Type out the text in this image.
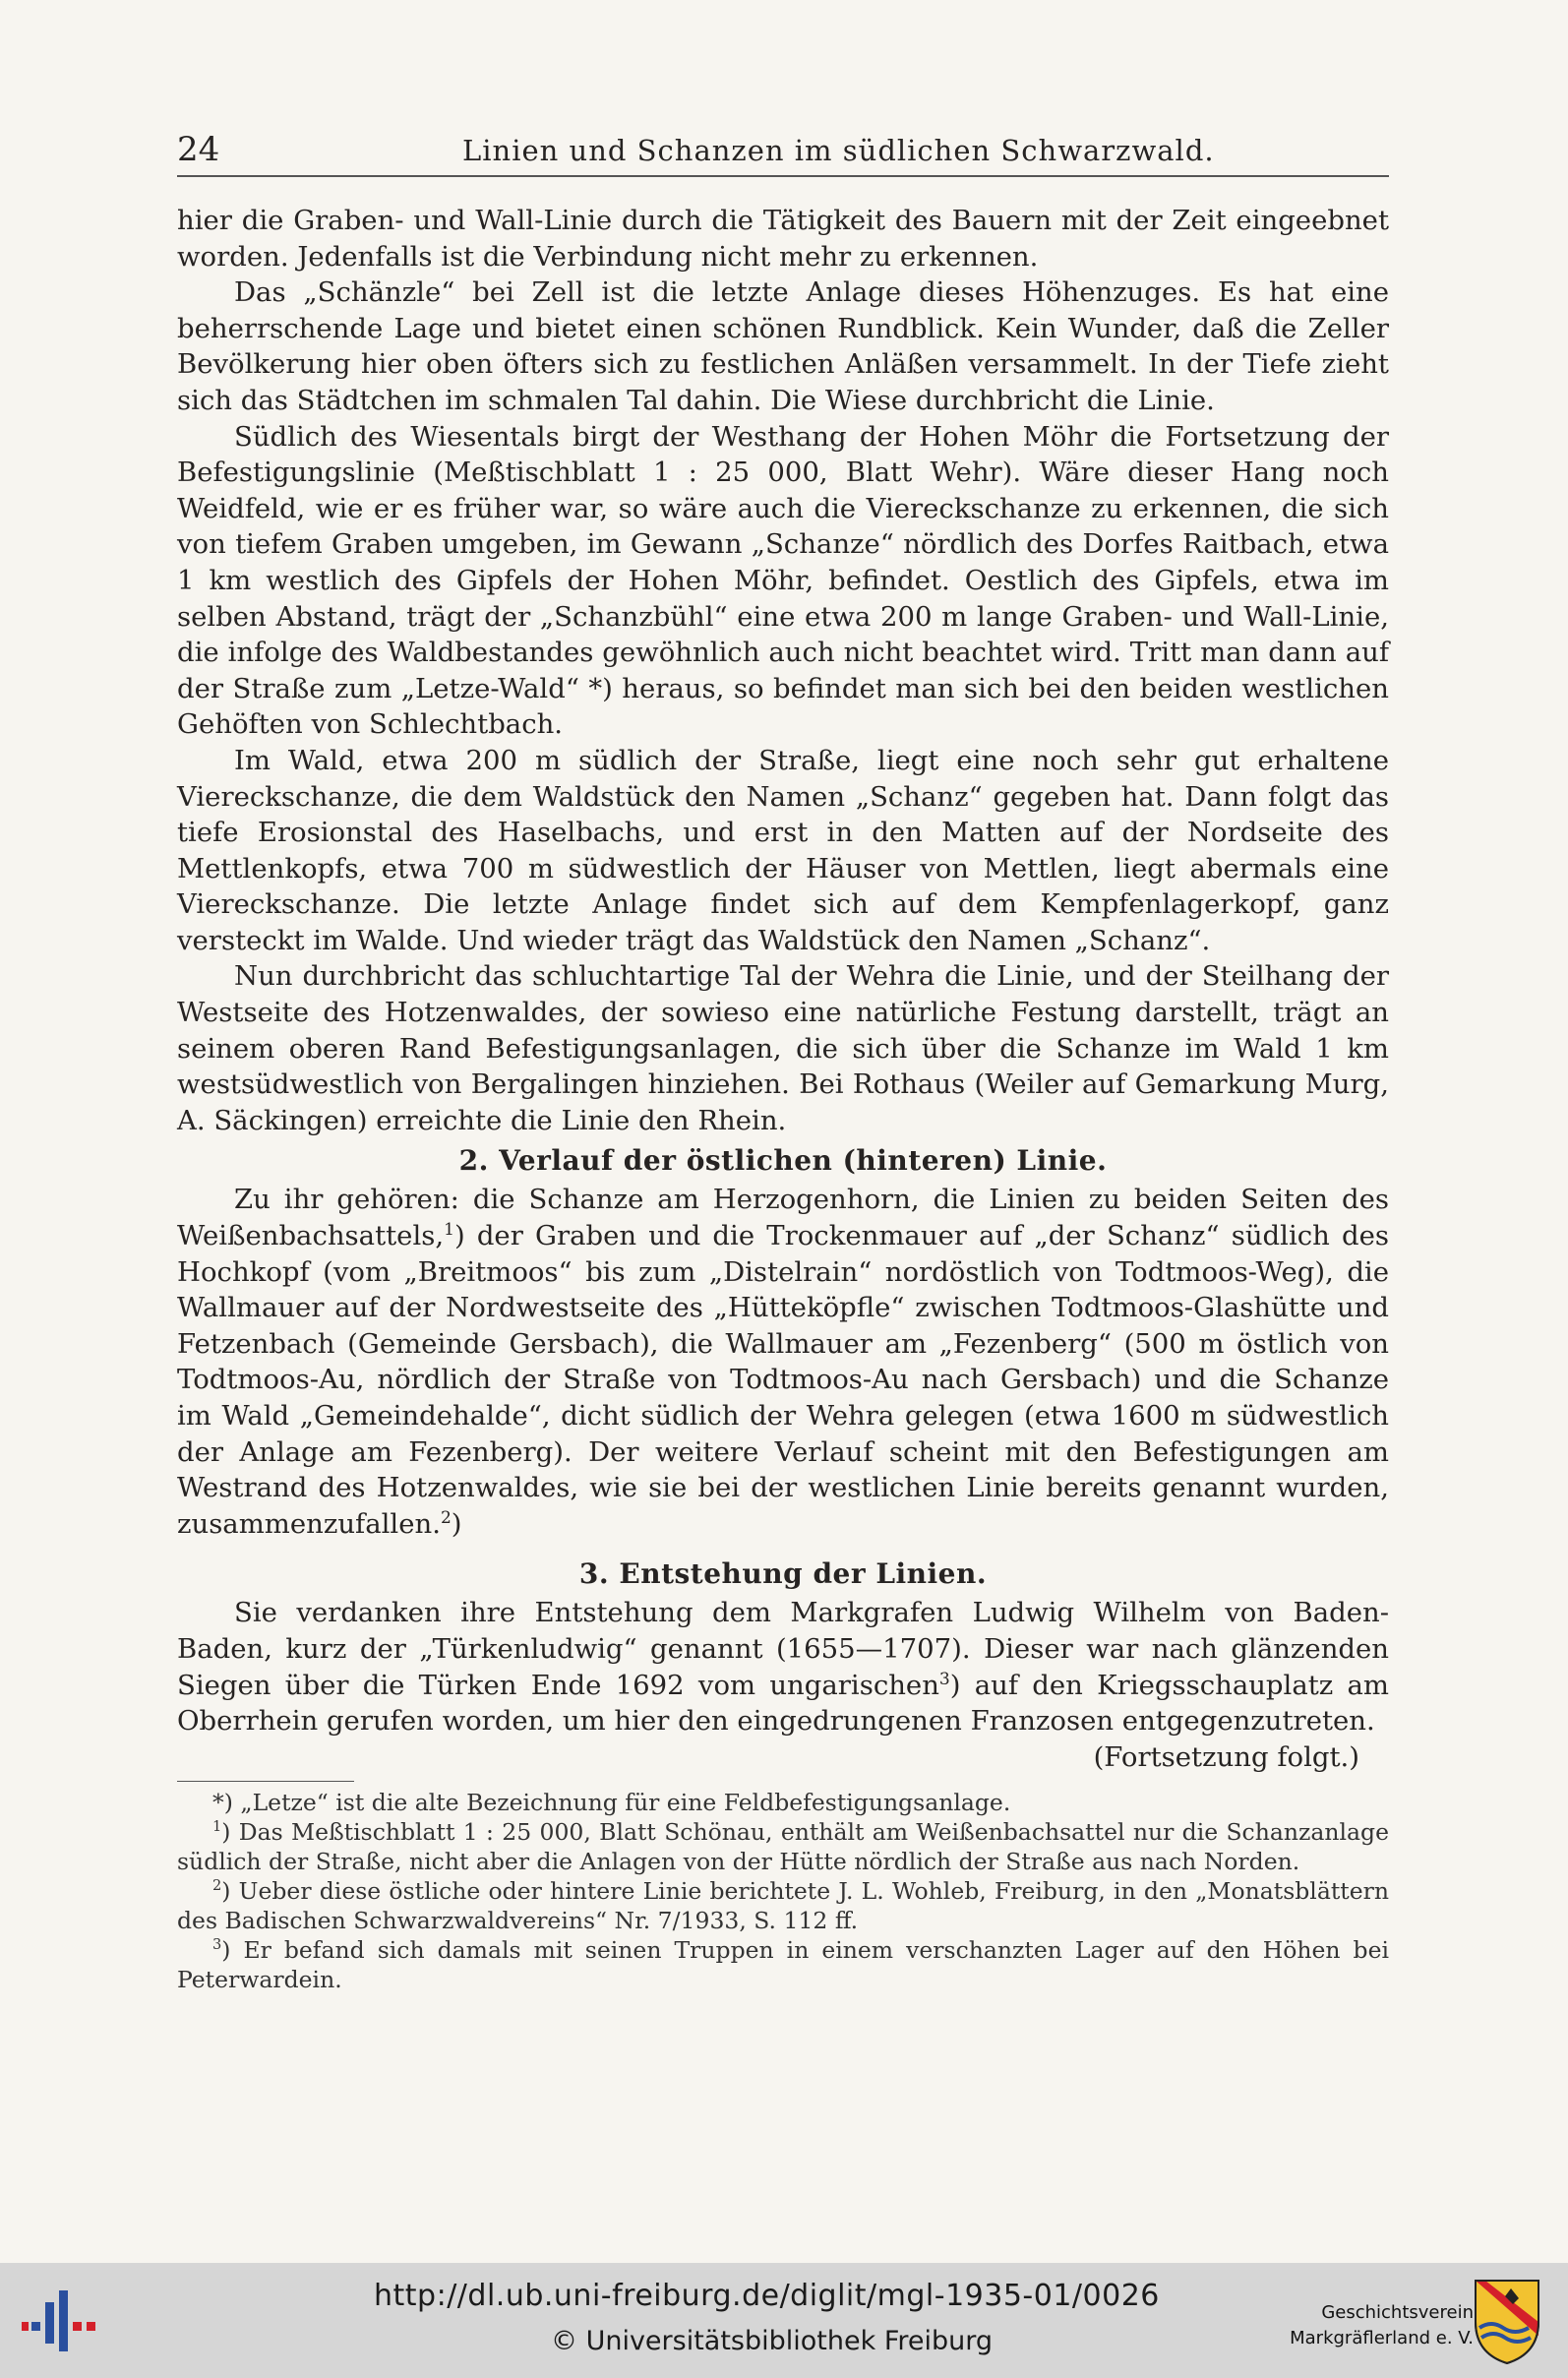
24	Linien und Schanzen im südlichen Schwarzwald.

hier die Graben- und Wall-Linie durch die Tätigkeit des Bauern mit der Zeit eingeebnet worden. Jedenfalls ist die Verbindung nicht mehr zu erkennen.

Das „Schänzle“ bei Zell ist die letzte Anlage dieses Höhenzuges. Es hat eine beherrschende Lage und bietet einen schönen Rundblick. Kein Wunder, daß die Zeller Bevölkerung hier oben öfters sich zu festlichen Anläßen versammelt. In der Tiefe zieht sich das Städtchen im schmalen Tal dahin. Die Wiese durchbricht die Linie.

Südlich des Wiesentals birgt der Westhang der Hohen Möhr die Fortsetzung der Befestigungslinie (Meßtischblatt 1 : 25 000, Blatt Wehr). Wäre dieser Hang noch Weidfeld, wie er es früher war, so wäre auch die Viereckschanze zu erkennen, die sich von tiefem Graben umgeben, im Gewann „Schanze“ nördlich des Dorfes Raitbach, etwa 1 km westlich des Gipfels der Hohen Möhr, befindet. Oestlich des Gipfels, etwa im selben Abstand, trägt der „Schanzbühl“ eine etwa 200 m lange Graben- und Wall-Linie, die infolge des Waldbestandes gewöhnlich auch nicht beachtet wird. Tritt man dann auf der Straße zum „Letze-Wald“ *) heraus, so befindet man sich bei den beiden westlichen Gehöften von Schlechtbach.

Im Wald, etwa 200 m südlich der Straße, liegt eine noch sehr gut erhaltene Viereckschanze, die dem Waldstück den Namen „Schanz“ gegeben hat. Dann folgt das tiefe Erosionstal des Haselbachs, und erst in den Matten auf der Nordseite des Mettlenkopfs, etwa 700 m südwestlich der Häuser von Mettlen, liegt abermals eine Viereckschanze. Die letzte Anlage findet sich auf dem Kempfenlagerkopf, ganz versteckt im Walde. Und wieder trägt das Waldstück den Namen „Schanz“.

Nun durchbricht das schluchtartige Tal der Wehra die Linie, und der Steilhang der Westseite des Hotzenwaldes, der sowieso eine natürliche Festung darstellt, trägt an seinem oberen Rand Befestigungsanlagen, die sich über die Schanze im Wald 1 km westsüdwestlich von Bergalingen hinziehen. Bei Rothaus (Weiler auf Gemarkung Murg, A. Säckingen) erreichte die Linie den Rhein.

2. Verlauf der östlichen (hinteren) Linie.

Zu ihr gehören: die Schanze am Herzogenhorn, die Linien zu beiden Seiten des Weißenbachsattels,$^1$) der Graben und die Trockenmauer auf „der Schanz“ südlich des Hochkopf (vom „Breitmoos“ bis zum „Distelrain“ nordöstlich von Todtmoos-Weg), die Wallmauer auf der Nordwestseite des „Hütteköpfle“ zwischen Todtmoos-Glashütte und Fetzenbach (Gemeinde Gersbach), die Wallmauer am „Fezenberg“ (500 m östlich von Todtmoos-Au, nördlich der Straße von Todtmoos-Au nach Gersbach) und die Schanze im Wald „Gemeindehalde“, dicht südlich der Wehra gelegen (etwa 1600 m südwestlich der Anlage am Fezenberg). Der weitere Verlauf scheint mit den Befestigungen am Westrand des Hotzenwaldes, wie sie bei der westlichen Linie bereits genannt wurden, zusammenzufallen.$^2$)

3. Entstehung der Linien.

Sie verdanken ihre Entstehung dem Markgrafen Ludwig Wilhelm von Baden-Baden, kurz der „Türkenludwig“ genannt (1655—1707). Dieser war nach glänzenden Siegen über die Türken Ende 1692 vom ungarischen$^3$) auf den Kriegsschauplatz am Oberrhein gerufen worden, um hier den eingedrungenen Franzosen entgegenzutreten.

(Fortsetzung folgt.)

*) „Letze“ ist die alte Bezeichnung für eine Feldbefestigungsanlage.

$^1$) Das Meßtischblatt 1 : 25 000, Blatt Schönau, enthält am Weißenbachsattel nur die Schanzanlage südlich der Straße, nicht aber die Anlagen von der Hütte nördlich der Straße aus nach Norden.

$^2$) Ueber diese östliche oder hintere Linie berichtete J. L. Wohleb, Freiburg, in den „Monatsblättern des Badischen Schwarzwaldvereins“ Nr. 7/1933, S. 112 ff.

$^3$) Er befand sich damals mit seinen Truppen in einem verschanzten Lager auf den Höhen bei Peterwardein.

http://dl.ub.uni-freiburg.de/diglit/mgl-1935-01/0026
© Universitätsbibliothek Freiburg
Geschichtsverein
Markgräflerland e. V.
